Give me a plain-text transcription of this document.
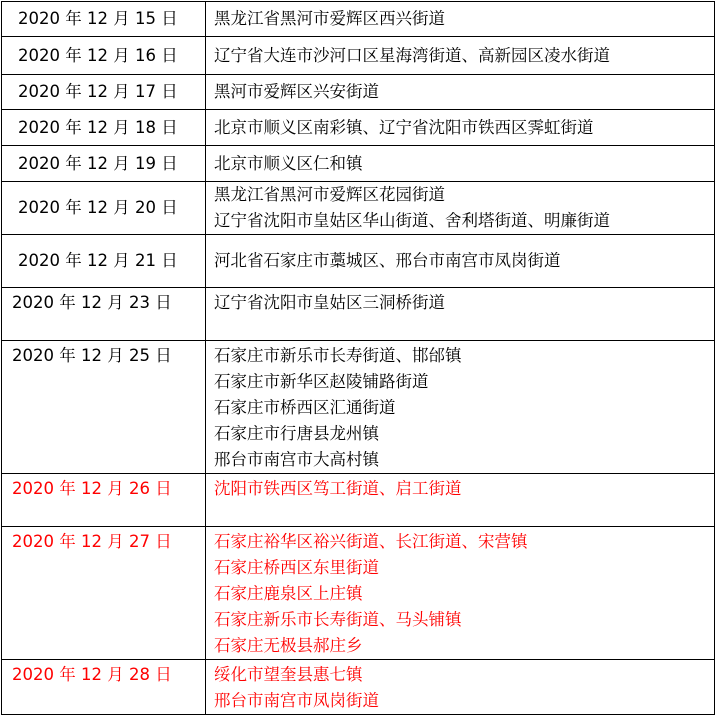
2020 年 12 月 15 日	黑龙江省黑河市爱辉区西兴街道

2020 年 12 月 16 日	辽宁省大连市沙河口区星海湾街道、高新园区凌水街道

2020 年 12 月 17 日	黑河市爱辉区兴安街道

2020 年 12 月 18 日	北京市顺义区南彩镇、辽宁省沈阳市铁西区霁虹街道

2020 年 12 月 19 日	北京市顺义区仁和镇

2020 年 12 月 20 日	黑龙江省黑河市爱辉区花园街道
辽宁省沈阳市皇姑区华山街道、舍利塔街道、明廉街道

2020 年 12 月 21 日	河北省石家庄市藁城区、邢台市南宫市凤岗街道

2020 年 12 月 23 日	辽宁省沈阳市皇姑区三洞桥街道

2020 年 12 月 25 日	石家庄市新乐市长寿街道、邯邰镇
石家庄市新华区赵陵铺路街道
石家庄市桥西区汇通街道
石家庄市行唐县龙州镇
邢台市南宫市大高村镇

2020 年 12 月 26 日	沈阳市铁西区笃工街道、启工街道

2020 年 12 月 27 日	石家庄裕华区裕兴街道、长江街道、宋营镇
石家庄桥西区东里街道
石家庄鹿泉区上庄镇
石家庄新乐市长寿街道、马头铺镇
石家庄无极县郝庄乡

2020 年 12 月 28 日	绥化市望奎县惠七镇
邢台市南宫市凤岗街道
